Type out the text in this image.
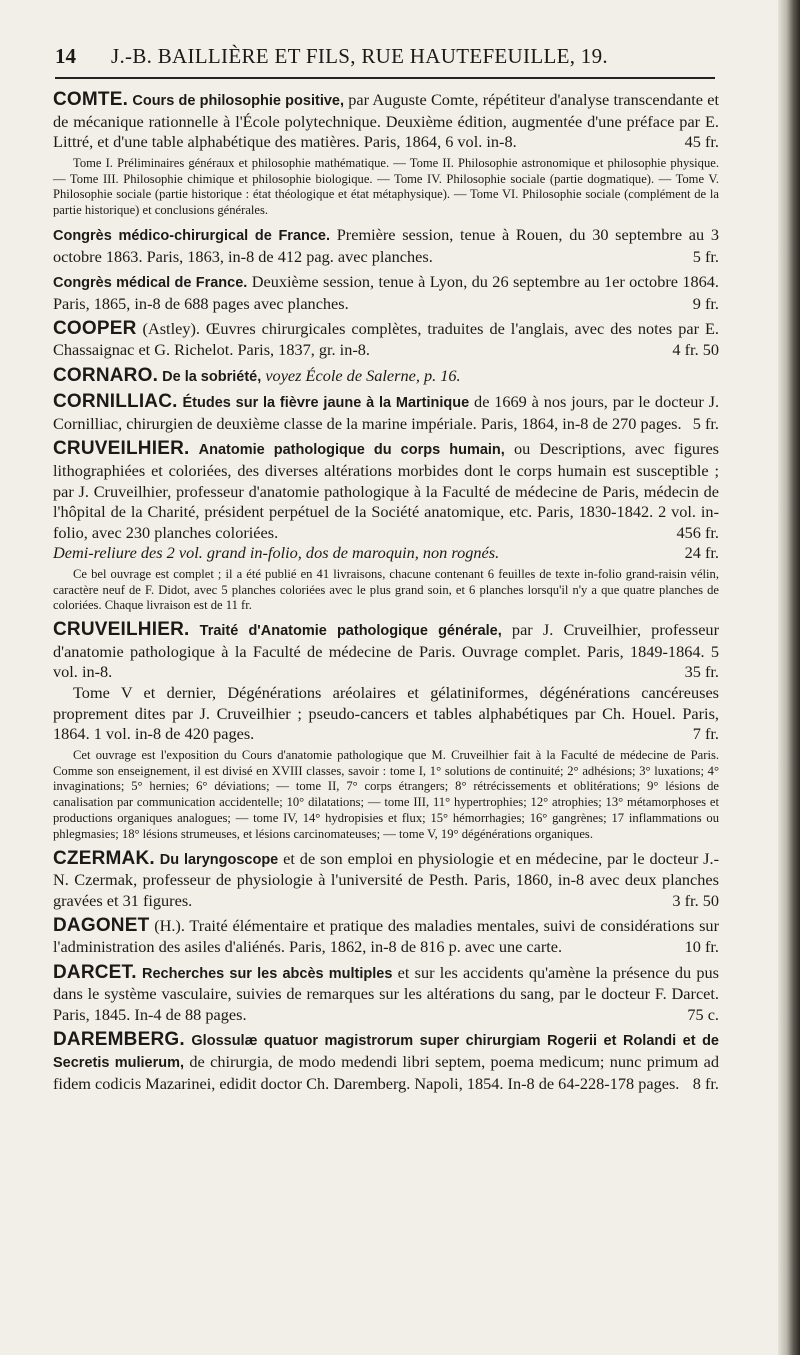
14 J.-B. BAILLIÈRE ET FILS, RUE HAUTEFEUILLE, 19.
COMTE. Cours de philosophie positive, par Auguste Comte, répétiteur d'analyse transcendante et de mécanique rationnelle à l'École polytechnique. Deuxième édition, augmentée d'une préface par E. Littré, et d'une table alphabétique des matières. Paris, 1864, 6 vol. in-8.	45 fr.
Tome I. Préliminaires généraux et philosophie mathématique. — Tome II. Philosophie astronomique et philosophie physique. — Tome III. Philosophie chimique et philosophie biologique. — Tome IV. Philosophie sociale (partie dogmatique). — Tome V. Philosophie sociale (partie historique : état théologique et état métaphysique). — Tome VI. Philosophie sociale (complément de la partie historique) et conclusions générales.
Congrès médico-chirurgical de France. Première session, tenue à Rouen, du 30 septembre au 3 octobre 1863. Paris, 1863, in-8 de 412 pag. avec planches.	5 fr.
Congrès médical de France. Deuxième session, tenue à Lyon, du 26 septembre au 1er octobre 1864. Paris, 1865, in-8 de 688 pages avec planches.	9 fr.
COOPER (Astley). Œuvres chirurgicales complètes, traduites de l'anglais, avec des notes par E. Chassaignac et G. Richelot. Paris, 1837, gr. in-8.	4 fr. 50
CORNARO. De la sobriété, voyez École de Salerne, p. 16.
CORNILLIAC. Études sur la fièvre jaune à la Martinique de 1669 à nos jours, par le docteur J. Cornilliac, chirurgien de deuxième classe de la marine impériale. Paris, 1864, in-8 de 270 pages. 5 fr.
CRUVEILHIER. Anatomie pathologique du corps humain, ou Descriptions, avec figures lithographiées et coloriées, des diverses altérations morbides dont le corps humain est susceptible ; par J. Cruveilhier, professeur d'anatomie pathologique à la Faculté de médecine de Paris, médecin de l'hôpital de la Charité, président perpétuel de la Société anatomique, etc. Paris, 1830-1842. 2 vol. in-folio, avec 230 planches coloriées.	456 fr.
Demi-reliure des 2 vol. grand in-folio, dos de maroquin, non rognés.	24 fr.
Ce bel ouvrage est complet ; il a été publié en 41 livraisons, chacune contenant 6 feuilles de texte in-folio grand-raisin vélin, caractère neuf de F. Didot, avec 5 planches coloriées avec le plus grand soin, et 6 planches lorsqu'il n'y a que quatre planches de coloriées. Chaque livraison est de 11 fr.
CRUVEILHIER. Traité d'Anatomie pathologique générale, par J. Cruveilhier, professeur d'anatomie pathologique à la Faculté de médecine de Paris. Ouvrage complet. Paris, 1849-1864. 5 vol. in-8.	35 fr.
Tome V et dernier, Dégénérations aréolaires et gélatiniformes, dégénérations cancéreuses proprement dites par J. Cruveilhier ; pseudo-cancers et tables alphabétiques par Ch. Houel. Paris, 1864. 1 vol. in-8 de 420 pages.	7 fr.
Cet ouvrage est l'exposition du Cours d'anatomie pathologique que M. Cruveilhier fait à la Faculté de médecine de Paris. Comme son enseignement, il est divisé en XVIII classes, savoir : tome I, 1° solutions de continuité; 2° adhésions; 3° luxations; 4° invaginations; 5° hernies; 6° déviations; — tome II, 7° corps étrangers; 8° rétrécissements et oblitérations; 9° lésions de canalisation par communication accidentelle; 10° dilatations; — tome III, 11° hypertrophies; 12° atrophies; 13° métamorphoses et productions organiques analogues; — tome IV, 14° hydropisies et flux; 15° hémorrhagies; 16° gangrènes; 17 inflammations ou phlegmasies; 18° lésions strumeuses, et lésions carcinomateuses; — tome V, 19° dégénérations organiques.
CZERMAK. Du laryngoscope et de son emploi en physiologie et en médecine, par le docteur J.-N. Czermak, professeur de physiologie à l'université de Pesth. Paris, 1860, in-8 avec deux planches gravées et 31 figures.	3 fr. 50
DAGONET (H.). Traité élémentaire et pratique des maladies mentales, suivi de considérations sur l'administration des asiles d'aliénés. Paris, 1862, in-8 de 816 p. avec une carte.	10 fr.
DARCET. Recherches sur les abcès multiples et sur les accidents qu'amène la présence du pus dans le système vasculaire, suivies de remarques sur les altérations du sang, par le docteur F. Darcet. Paris, 1845. In-4 de 88 pages.	75 c.
DAREMBERG. Glossulæ quatuor magistrorum super chirurgiam Rogerii et Rolandi et de Secretis mulierum, de chirurgia, de modo medendi libri septem, poema medicum; nunc primum ad fidem codicis Mazarinei, edidit doctor Ch. Daremberg. Napoli, 1854. In-8 de 64-228-178 pages. 8 fr.
